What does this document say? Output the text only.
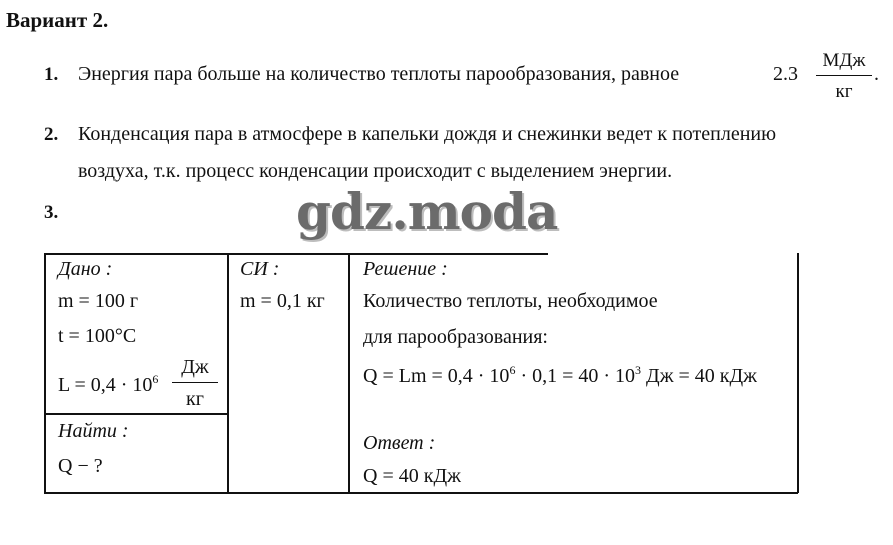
Вариант 2.
1. Энергия пара больше на количество теплоты парообразования, равное	2.3
МДж
кг
.
2. Конденсация пара в атмосфере в капельки дождя и снежинки ведет к потеплению
воздуха, т.к. процесс конденсации происходит с выделением энергии.
3.	gdz.moda
Дано :
m = 100 г
t = 100°C
$L = 0,4 \cdot 10^6$
Дж
кг
Найти :
Q − ?
СИ :
m = 0,1 кг
Решение :
Количество теплоты, необходимое
для парообразования:
$Q = Lm = 0,4 \cdot 10^6 \cdot 0,1 = 40 \cdot 10^3$ Дж = 40 кДж
Ответ :
Q = 40 кДж
